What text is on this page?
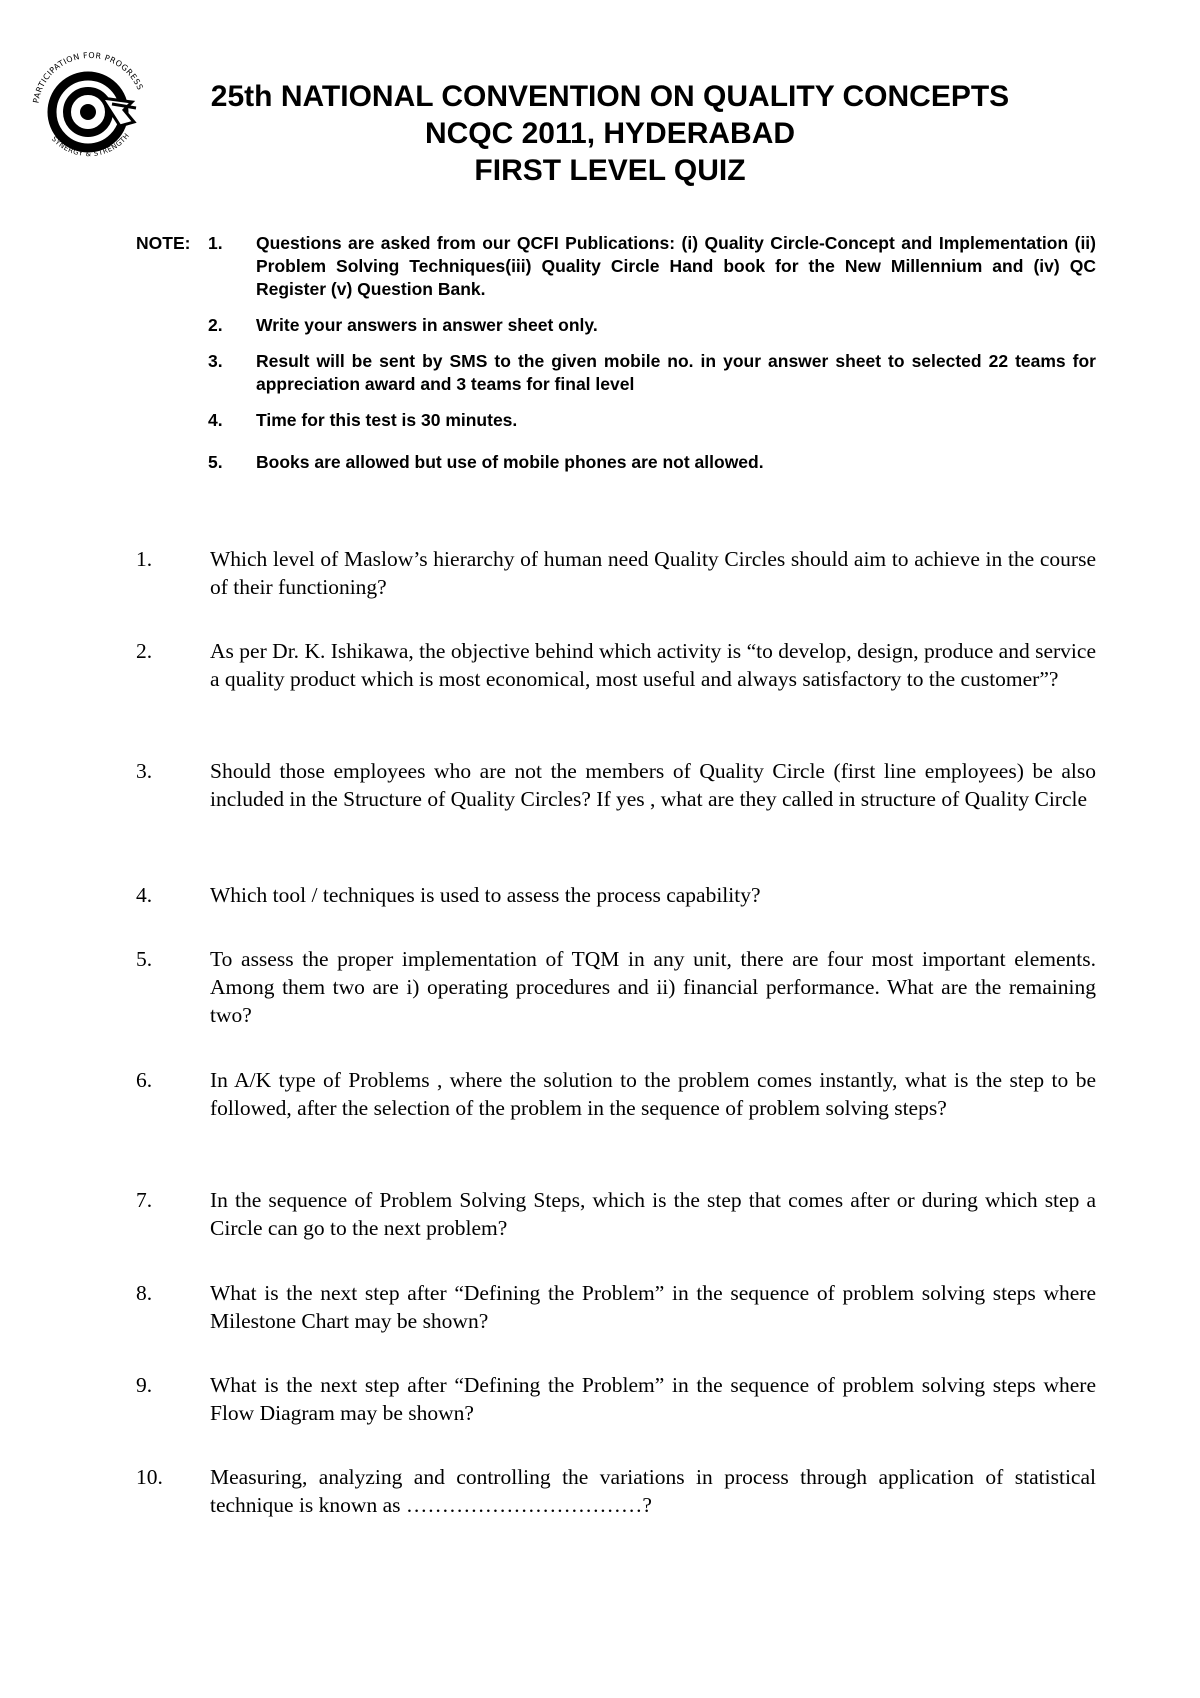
PARTICIPATION FOR PROGRESS
SYNERGY & STRENGTH
25th NATIONAL CONVENTION ON QUALITY CONCEPTS
NCQC 2011, HYDERABAD
FIRST LEVEL QUIZ
NOTE: 1. Questions are asked from our QCFI Publications: (i) Quality Circle-Concept and Implementation (ii) Problem Solving Techniques(iii) Quality Circle Hand book for the New Millennium and (iv) QC Register (v) Question Bank.
2. Write your answers in answer sheet only.
3. Result will be sent by SMS to the given mobile no. in your answer sheet to selected 22 teams for appreciation award and 3 teams for final level
4. Time for this test is 30 minutes.
5. Books are allowed but use of mobile phones are not allowed.
1.	Which level of Maslow’s hierarchy of human need Quality Circles should aim to achieve in the course of their functioning?
2.	As per Dr. K. Ishikawa, the objective behind which activity is “to develop, design, produce and service a quality product which is most economical, most useful and always satisfactory to the customer”?
3.	Should those employees who are not the members of Quality Circle (first line employees) be also included in the Structure of Quality Circles? If yes , what are they called in structure of Quality Circle
4.	Which tool / techniques is used to assess the process capability?
5.	To assess the proper implementation of TQM in any unit, there are four most important elements. Among them two are i) operating procedures and ii) financial performance. What are the remaining two?
6.	In A/K type of Problems , where the solution to the problem comes instantly, what is the step to be followed, after the selection of the problem in the sequence of problem solving steps?
7.	In the sequence of Problem Solving Steps, which is the step that comes after or during which step a Circle can go to the next problem?
8.	What is the next step after “Defining the Problem” in the sequence of problem solving steps where Milestone Chart may be shown?
9.	What is the next step after “Defining the Problem” in the sequence of problem solving steps where Flow Diagram may be shown?
10. Measuring, analyzing and controlling the variations in process through application of statistical technique is known as ……………………………?
